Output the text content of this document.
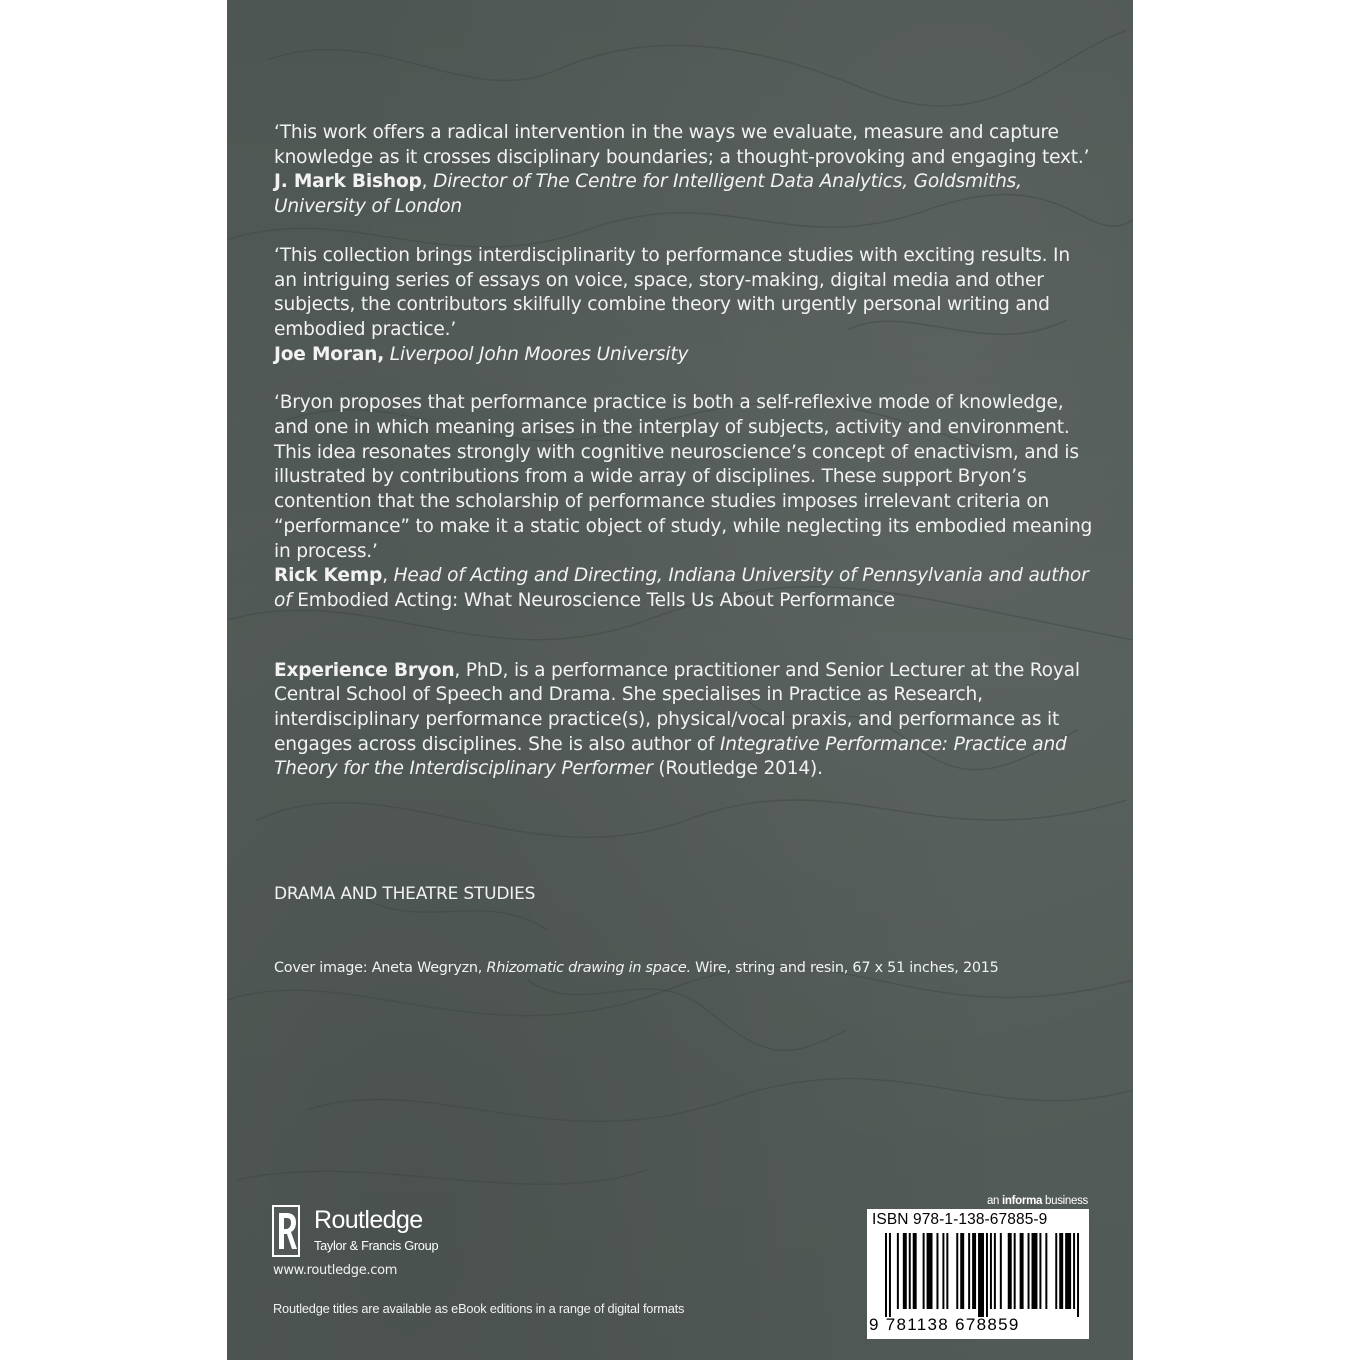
‘This work offers a radical intervention in the ways we evaluate, measure and capture knowledge as it crosses disciplinary boundaries; a thought-provoking and engaging text.’
J. Mark Bishop, Director of The Centre for Intelligent Data Analytics, Goldsmiths, University of London

‘This collection brings interdisciplinarity to performance studies with exciting results. In an intriguing series of essays on voice, space, story-making, digital media and other subjects, the contributors skilfully combine theory with urgently personal writing and embodied practice.’
Joe Moran, Liverpool John Moores University

‘Bryon proposes that performance practice is both a self-reflexive mode of knowledge, and one in which meaning arises in the interplay of subjects, activity and environment. This idea resonates strongly with cognitive neuroscience’s concept of enactivism, and is illustrated by contributions from a wide array of disciplines. These support Bryon’s contention that the scholarship of performance studies imposes irrelevant criteria on “performance” to make it a static object of study, while neglecting its embodied meaning in process.’
Rick Kemp, Head of Acting and Directing, Indiana University of Pennsylvania and author of Embodied Acting: What Neuroscience Tells Us About Performance

Experience Bryon, PhD, is a performance practitioner and Senior Lecturer at the Royal Central School of Speech and Drama. She specialises in Practice as Research, interdisciplinary performance practice(s), physical/vocal praxis, and performance as it engages across disciplines. She is also author of Integrative Performance: Practice and Theory for the Interdisciplinary Performer (Routledge 2014).

DRAMA AND THEATRE STUDIES
Cover image: Aneta Wegryzn, Rhizomatic drawing in space. Wire, string and resin, 67 x 51 inches, 2015
Routledge
Taylor & Francis Group
www.routledge.com
Routledge titles are available as eBook editions in a range of digital formats
an informa business
ISBN 978-1-138-67885-9
9 781138 678859
